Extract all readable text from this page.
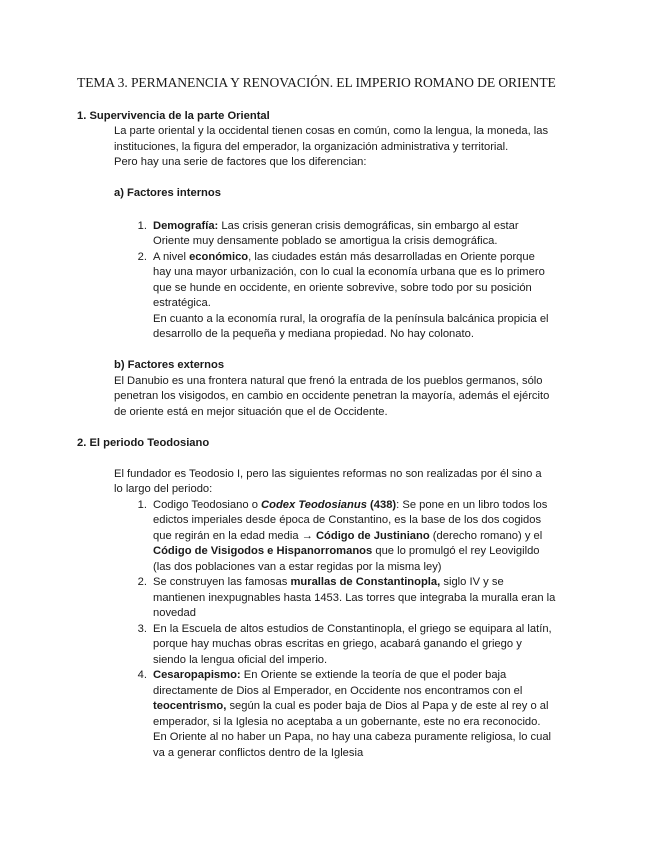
TEMA 3. PERMANENCIA Y RENOVACIÓN. EL IMPERIO ROMANO DE ORIENTE
1. Supervivencia de la parte Oriental
La parte oriental y la occidental tienen cosas en común, como la lengua, la moneda, las
instituciones, la figura del emperador, la organización administrativa y territorial.
Pero hay una serie de factores que los diferencian:
a) Factores internos
1. Demografía: Las crisis generan crisis demográficas, sin embargo al estar
Oriente muy densamente poblado se amortigua la crisis demográfica.
2. A nivel económico, las ciudades están más desarrolladas en Oriente porque
hay una mayor urbanización, con lo cual la economía urbana que es lo primero
que se hunde en occidente, en oriente sobrevive, sobre todo por su posición
estratégica.
En cuanto a la economía rural, la orografía de la península balcánica propicia el
desarrollo de la pequeña y mediana propiedad. No hay colonato.
b) Factores externos
El Danubio es una frontera natural que frenó la entrada de los pueblos germanos, sólo
penetran los visigodos, en cambio en occidente penetran la mayoría, además el ejército
de oriente está en mejor situación que el de Occidente.
2. El periodo Teodosiano
El fundador es Teodosio I, pero las siguientes reformas no son realizadas por él sino a
lo largo del periodo:
1. Codigo Teodosiano o Codex Teodosianus (438): Se pone en un libro todos los
edictos imperiales desde época de Constantino, es la base de los dos cogidos
que regirán en la edad media → Código de Justiniano (derecho romano) y el
Código de Visigodos e Hispanorromanos que lo promulgó el rey Leovigildo
(las dos poblaciones van a estar regidas por la misma ley)
2. Se construyen las famosas murallas de Constantinopla, siglo IV y se
mantienen inexpugnables hasta 1453. Las torres que integraba la muralla eran la
novedad
3. En la Escuela de altos estudios de Constantinopla, el griego se equipara al latín,
porque hay muchas obras escritas en griego, acabará ganando el griego y
siendo la lengua oficial del imperio.
4. Cesaropapismo: En Oriente se extiende la teoría de que el poder baja
directamente de Dios al Emperador, en Occidente nos encontramos con el
teocentrismo, según la cual es poder baja de Dios al Papa y de este al rey o al
emperador, si la Iglesia no aceptaba a un gobernante, este no era reconocido.
En Oriente al no haber un Papa, no hay una cabeza puramente religiosa, lo cual
va a generar conflictos dentro de la Iglesia
